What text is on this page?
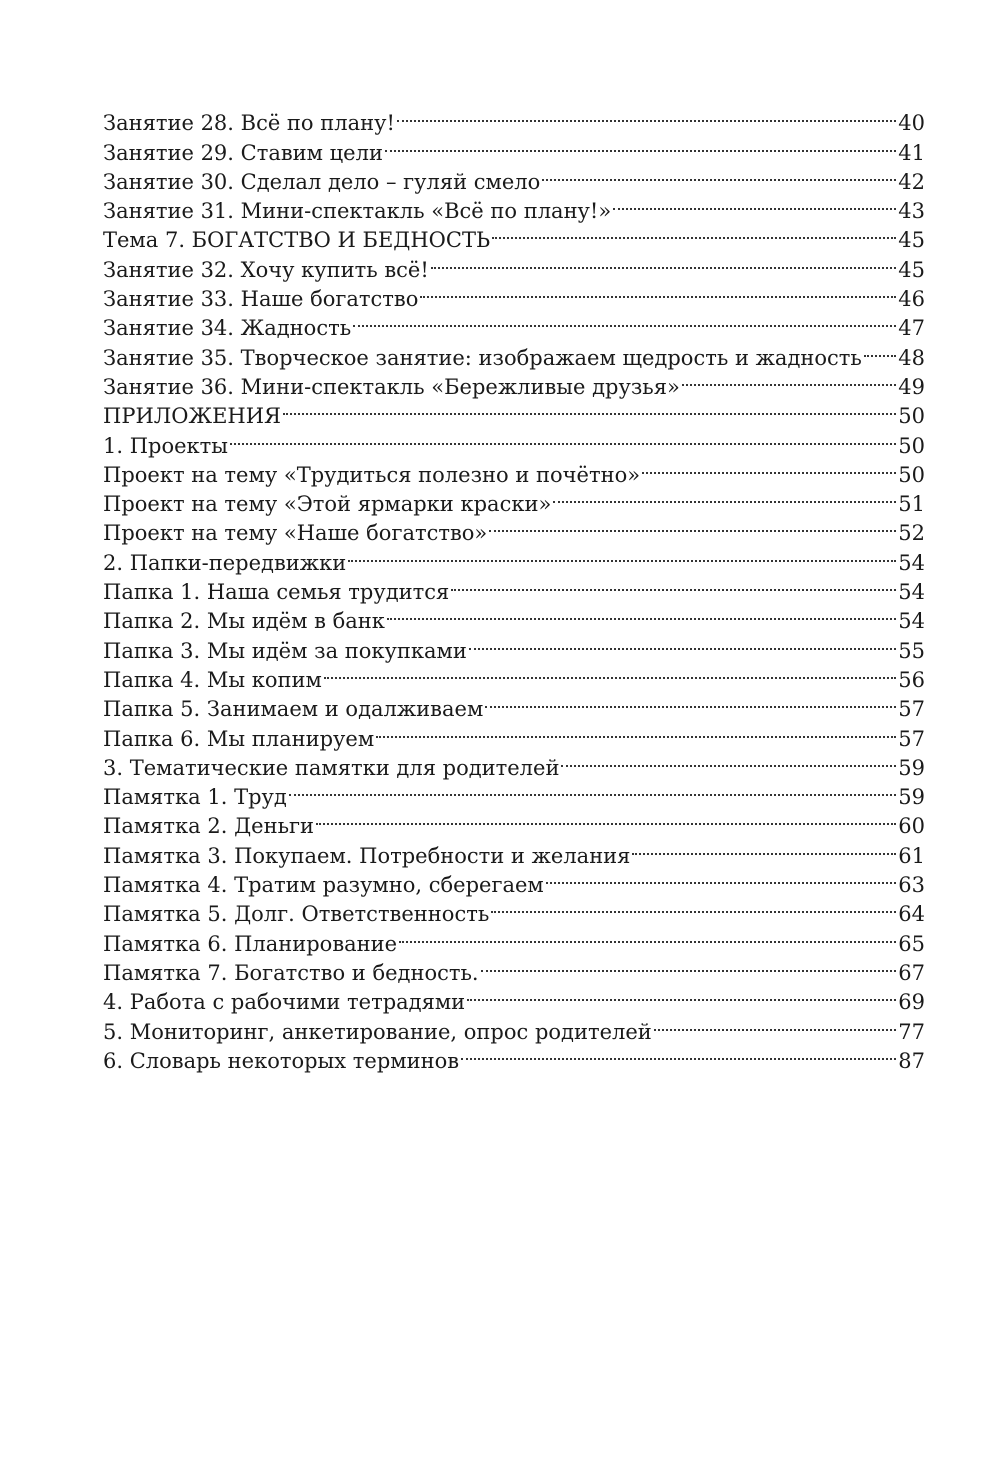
Занятие 28. Всё по плану!	40
Занятие 29. Ставим цели	41
Занятие 30. Сделал дело – гуляй смело	42
Занятие 31. Мини-спектакль «Всё по плану!»	43
Тема 7. БОГАТСТВО И БЕДНОСТЬ	45
Занятие 32. Хочу купить всё!	45
Занятие 33. Наше богатство	46
Занятие 34. Жадность	47
Занятие 35. Творческое занятие: изображаем щедрость и жадность 48
Занятие 36. Мини-спектакль «Бережливые друзья»	49
ПРИЛОЖЕНИЯ	50
1. Проекты	50
Проект на тему «Трудиться полезно и почётно»	50
Проект на тему «Этой ярмарки краски»	51
Проект на тему «Наше богатство»	52
2. Папки-передвижки	54
Папка 1. Наша семья трудится	54
Папка 2. Мы идём в банк	54
Папка 3. Мы идём за покупками	55
Папка 4. Мы копим	56
Папка 5. Занимаем и одалживаем	57
Папка 6. Мы планируем	57
3. Тематические памятки для родителей	59
Памятка 1. Труд	59
Памятка 2. Деньги	60
Памятка 3. Покупаем. Потребности и желания	61
Памятка 4. Тратим разумно, сберегаем	63
Памятка 5. Долг. Ответственность	64
Памятка 6. Планирование	65
Памятка 7. Богатство и бедность.	67
4. Работа с рабочими тетрадями	69
5. Мониторинг, анкетирование, опрос родителей	77
6. Словарь некоторых терминов	87
